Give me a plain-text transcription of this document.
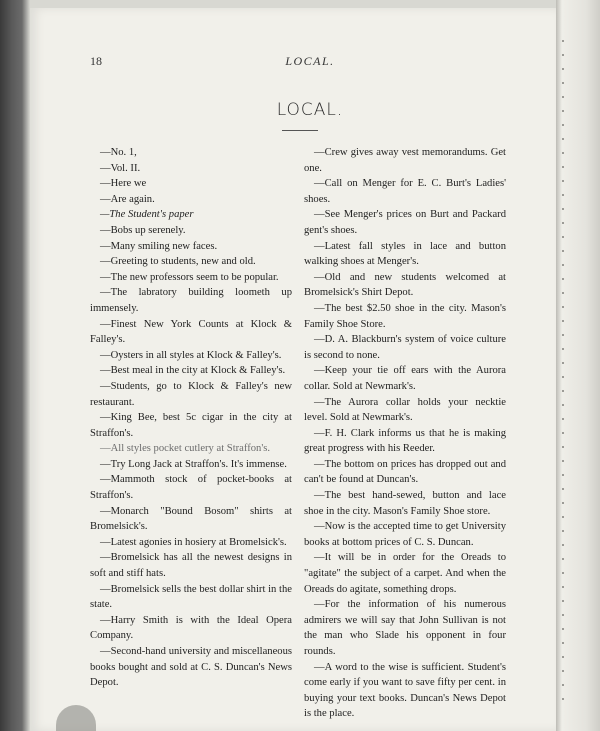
18	LOCAL.
LOCAL.

—No. 1,

—Vol. II.

—Here we

—Are again.

—The Student's paper

—Bobs up serenely.

—Many smiling new faces.

—Greeting to students, new and old.

—The new professors seem to be popular.

—The labratory building loometh up immensely.

—Finest New York Counts at Klock & Falley's.

—Oysters in all styles at Klock & Falley's.

—Best meal in the city at Klock & Falley's.

—Students, go to Klock & Falley's new restaurant.

—King Bee, best 5c cigar in the city at Straffon's.

—All styles pocket cutlery at Straffon's.

—Try Long Jack at Straffon's. It's immense.

—Mammoth stock of pocket-books at Straffon's.

—Monarch "Bound Bosom" shirts at Bromelsick's.

—Latest agonies in hosiery at Bromelsick's.

—Bromelsick has all the newest designs in soft and stiff hats.

—Bromelsick sells the best dollar shirt in the state.

—Harry Smith is with the Ideal Opera Company.

—Second-hand university and miscellaneous books bought and sold at C. S. Duncan's News Depot.

—Crew gives away vest memorandums. Get one.

—Call on Menger for E. C. Burt's Ladies' shoes.

—See Menger's prices on Burt and Packard gent's shoes.

—Latest fall styles in lace and button walking shoes at Menger's.

—Old and new students welcomed at Bromelsick's Shirt Depot.

—The best $2.50 shoe in the city. Mason's Family Shoe Store.

—D. A. Blackburn's system of voice culture is second to none.

—Keep your tie off ears with the Aurora collar. Sold at Newmark's.

—The Aurora collar holds your necktie level. Sold at Newmark's.

—F. H. Clark informs us that he is making great progress with his Reeder.

—The bottom on prices has dropped out and can't be found at Duncan's.

—The best hand-sewed, button and lace shoe in the city. Mason's Family Shoe store.

—Now is the accepted time to get University books at bottom prices of C. S. Duncan.

—It will be in order for the Oreads to "agitate" the subject of a carpet. And when the Oreads do agitate, something drops.

—For the information of his numerous admirers we will say that John Sullivan is not the man who Slade his opponent in four rounds.

—A word to the wise is sufficient. Student's come early if you want to save fifty per cent. in buying your text books. Duncan's News Depot is the place.
